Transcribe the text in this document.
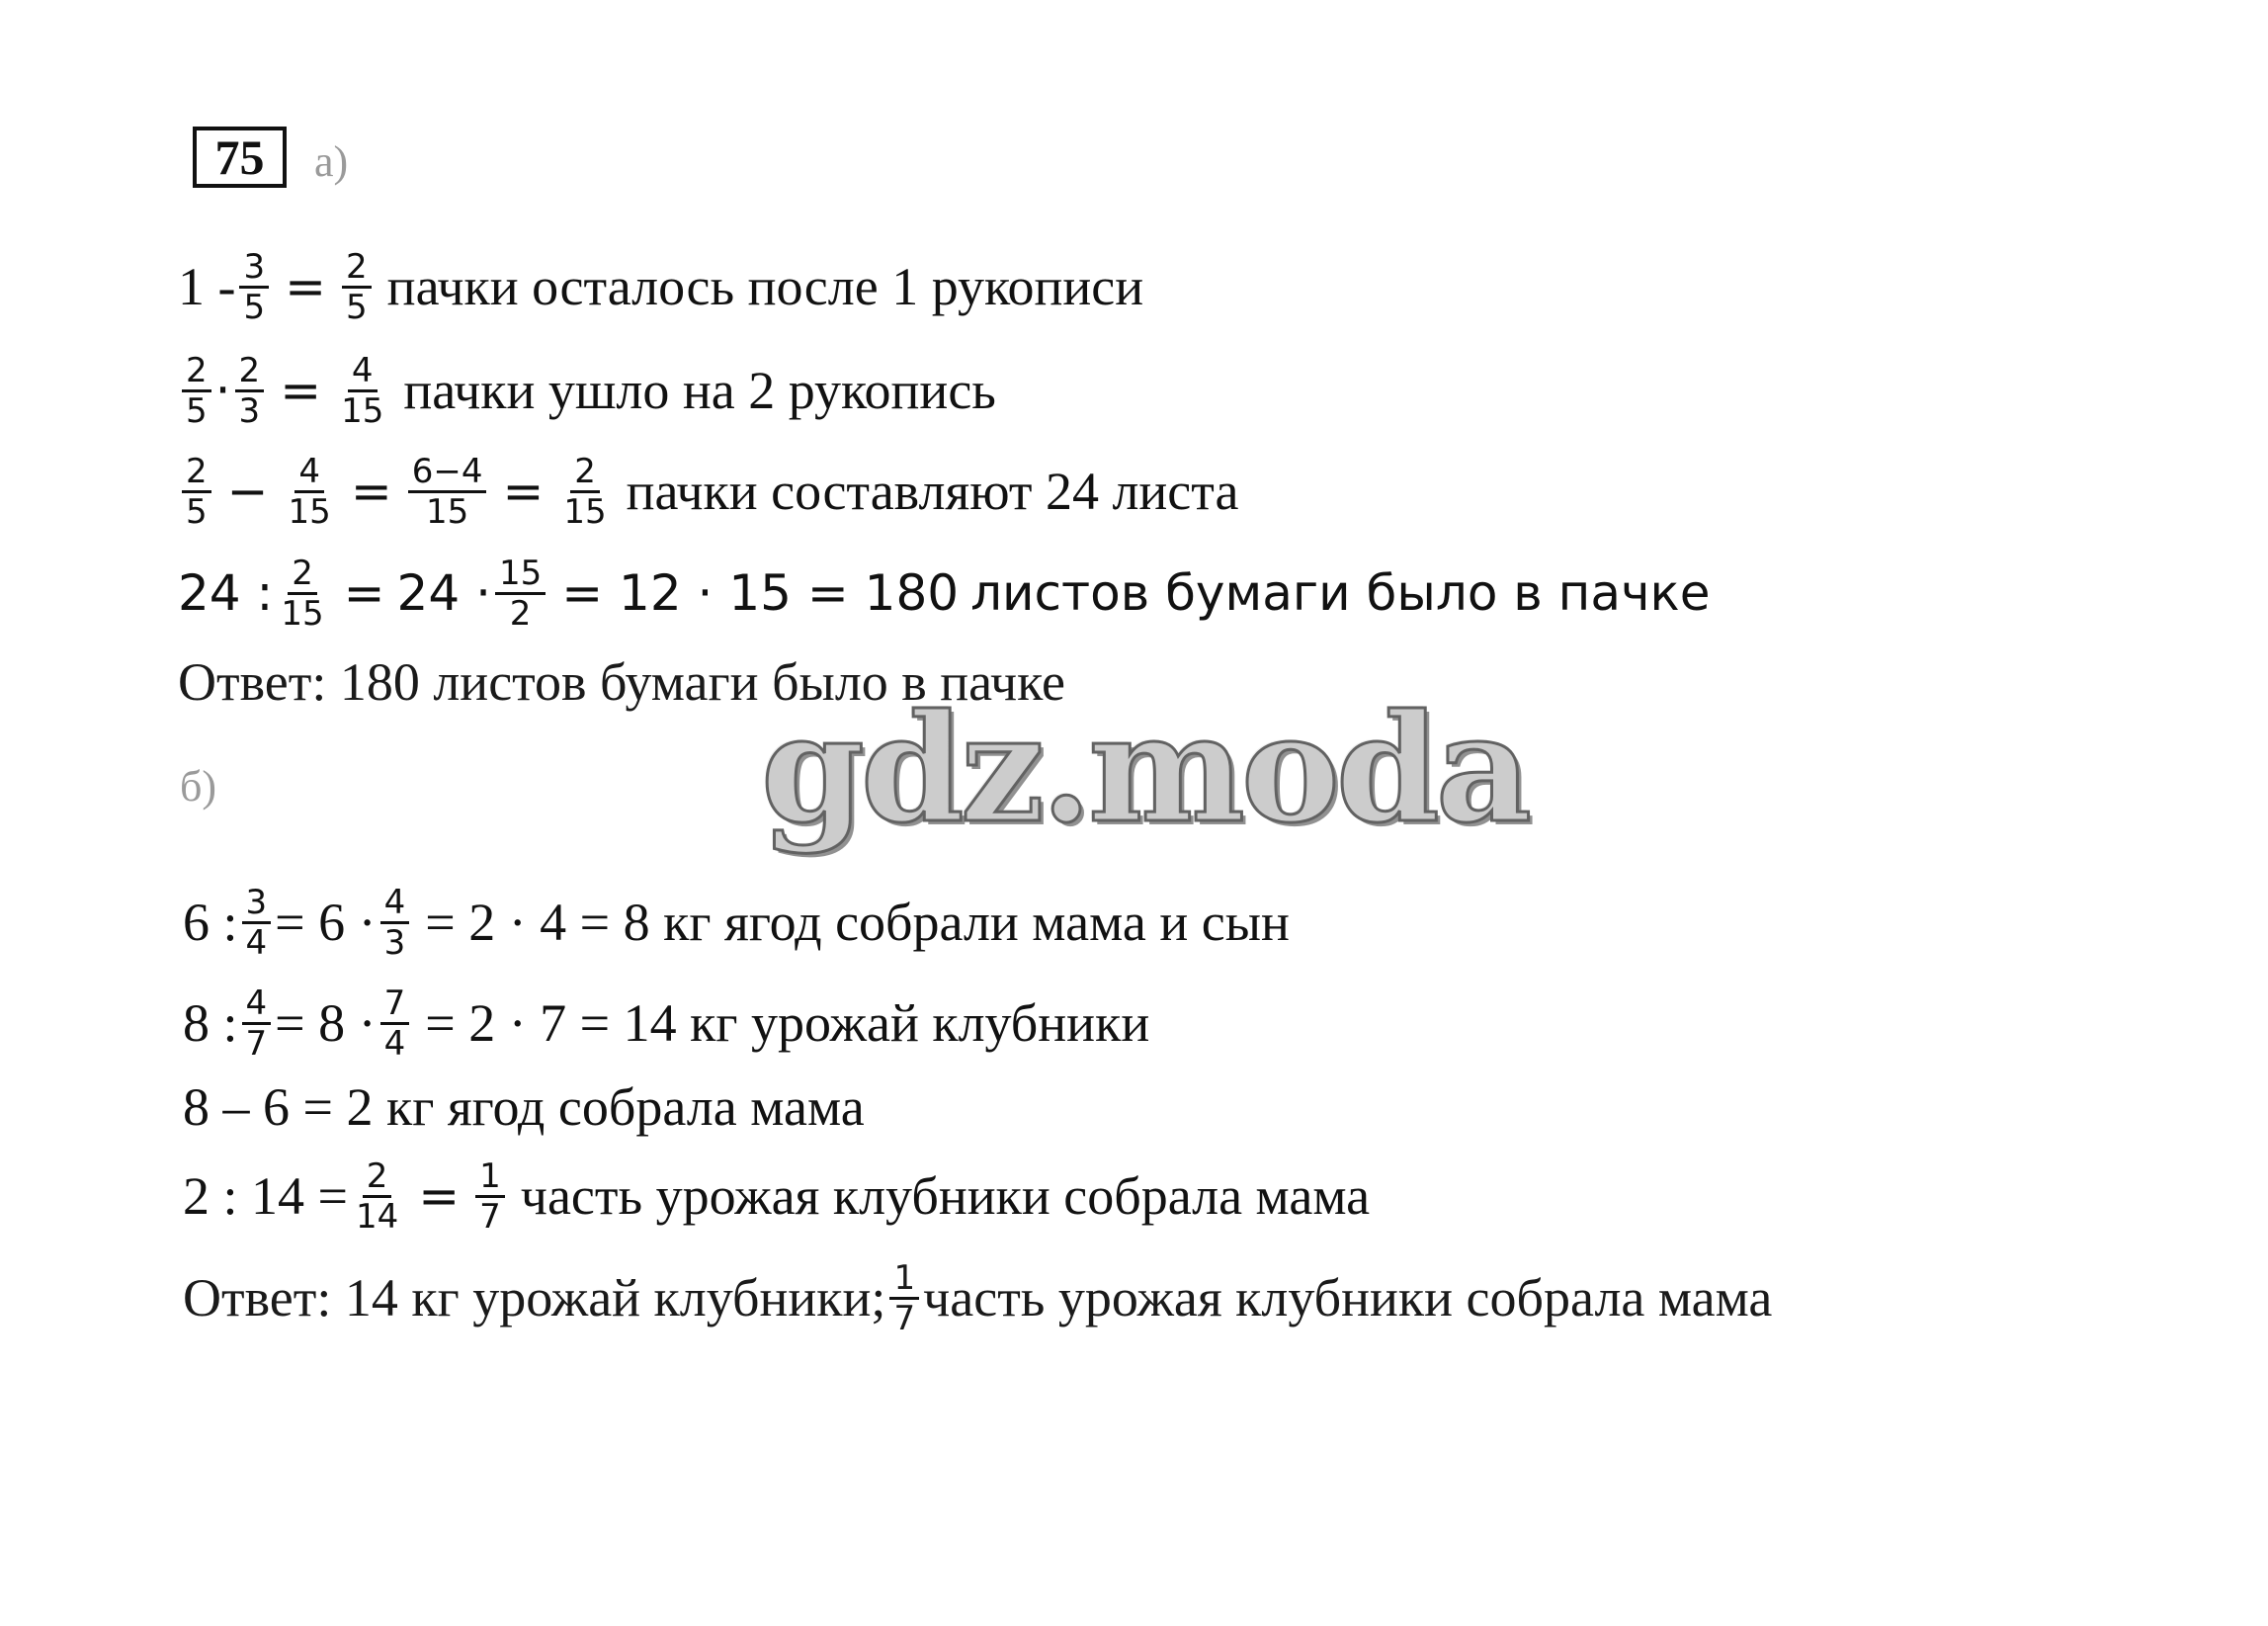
75	а)
$1 - \frac{3}{5} = \frac{2}{5}$ пачки осталось после 1 рукописи
$\frac{2}{5} \cdot \frac{2}{3} = \frac{4}{15}$ пачки ушло на 2 рукопись
$\frac{2}{5} - \frac{4}{15} = \frac{6-4}{15} = \frac{2}{15}$ пачки составляют 24 листа
24 : $\frac{2}{15} = 24 \cdot \frac{15}{2} = 12 \cdot 15 = 180$ листов бумаги было в пачке
Ответ: 180 листов бумаги было в пачке
б)	gdz.moda
6 : $\frac{3}{4} = 6 \cdot \frac{4}{3} = 2 \cdot 4 = 8$ кг ягод собрали мама и сын
8 : $\frac{4}{7} = 8 \cdot \frac{7}{4} = 2 \cdot 7 = 14$ кг урожай клубники
8 – 6 = 2 кг ягод собрала мама
2 : $14 = \frac{2}{14} = \frac{1}{7}$ часть урожая клубники собрала мама
Ответ: 14 кг урожай клубники; $\frac{1}{7}$ часть урожая клубники собрала мама
